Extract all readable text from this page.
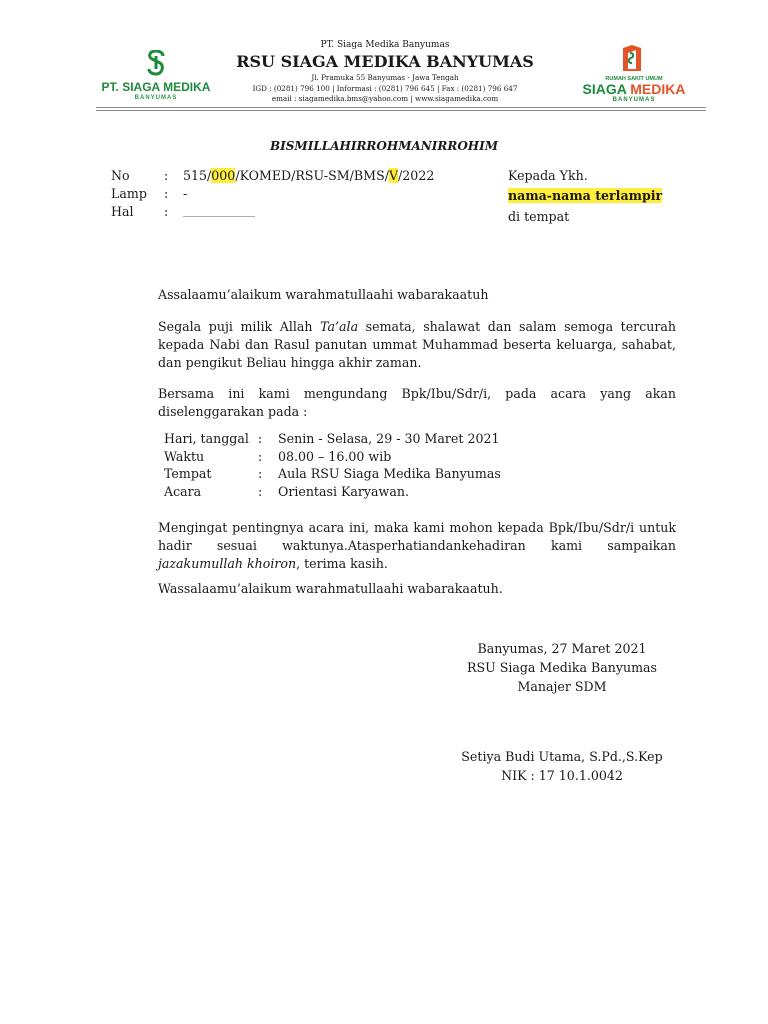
PT. SIAGA MEDIKA
BANYUMAS
PT. Siaga Medika Banyumas
RSU SIAGA MEDIKA BANYUMAS
Jl. Pramuka 55 Banyumas - Jawa Tengah
IGD : (0281) 796 100 | Informasi : (0281) 796 645 | Fax : (0281) 796 647
email : siagamedika.bms@yahoo.com | www.siagamedika.com
RUMAH SAKIT UMUM
SIAGA MEDIKA
BANYUMAS
BISMILLAHIRROHMANIRROHIM
No	: 515/000/KOMED/RSU-SM/BMS/V/2022
Lamp : -
Hal : ________________
Kepada Ykh.
nama-nama terlampir
di tempat
Assalaamu’alaikum warahmatullaahi wabarakaatuh
Segala puji milik Allah Ta’ala semata, shalawat dan salam semoga tercurah kepada Nabi dan Rasul panutan ummat Muhammad beserta keluarga, sahabat, dan pengikut Beliau hingga akhir zaman.
Bersama ini kami mengundang Bpk/Ibu/Sdr/i, pada acara yang akan diselenggarakan pada :
Hari, tanggal : Senin - Selasa, 29 - 30 Maret 2021
Waktu	: 08.00 – 16.00 wib
Tempat	: Aula RSU Siaga Medika Banyumas
Acara	: Orientasi Karyawan.
Mengingat pentingnya acara ini, maka kami mohon kepada Bpk/Ibu/Sdr/i untuk hadir sesuai waktunya.Atasperhatiandankehadiran kami sampaikan jazakumullah khoiron, terima kasih.
Wassalaamu’alaikum warahmatullaahi wabarakaatuh.
Banyumas, 27 Maret 2021
RSU Siaga Medika Banyumas
Manajer SDM
Setiya Budi Utama, S.Pd.,S.Kep
NIK : 17 10.1.0042
